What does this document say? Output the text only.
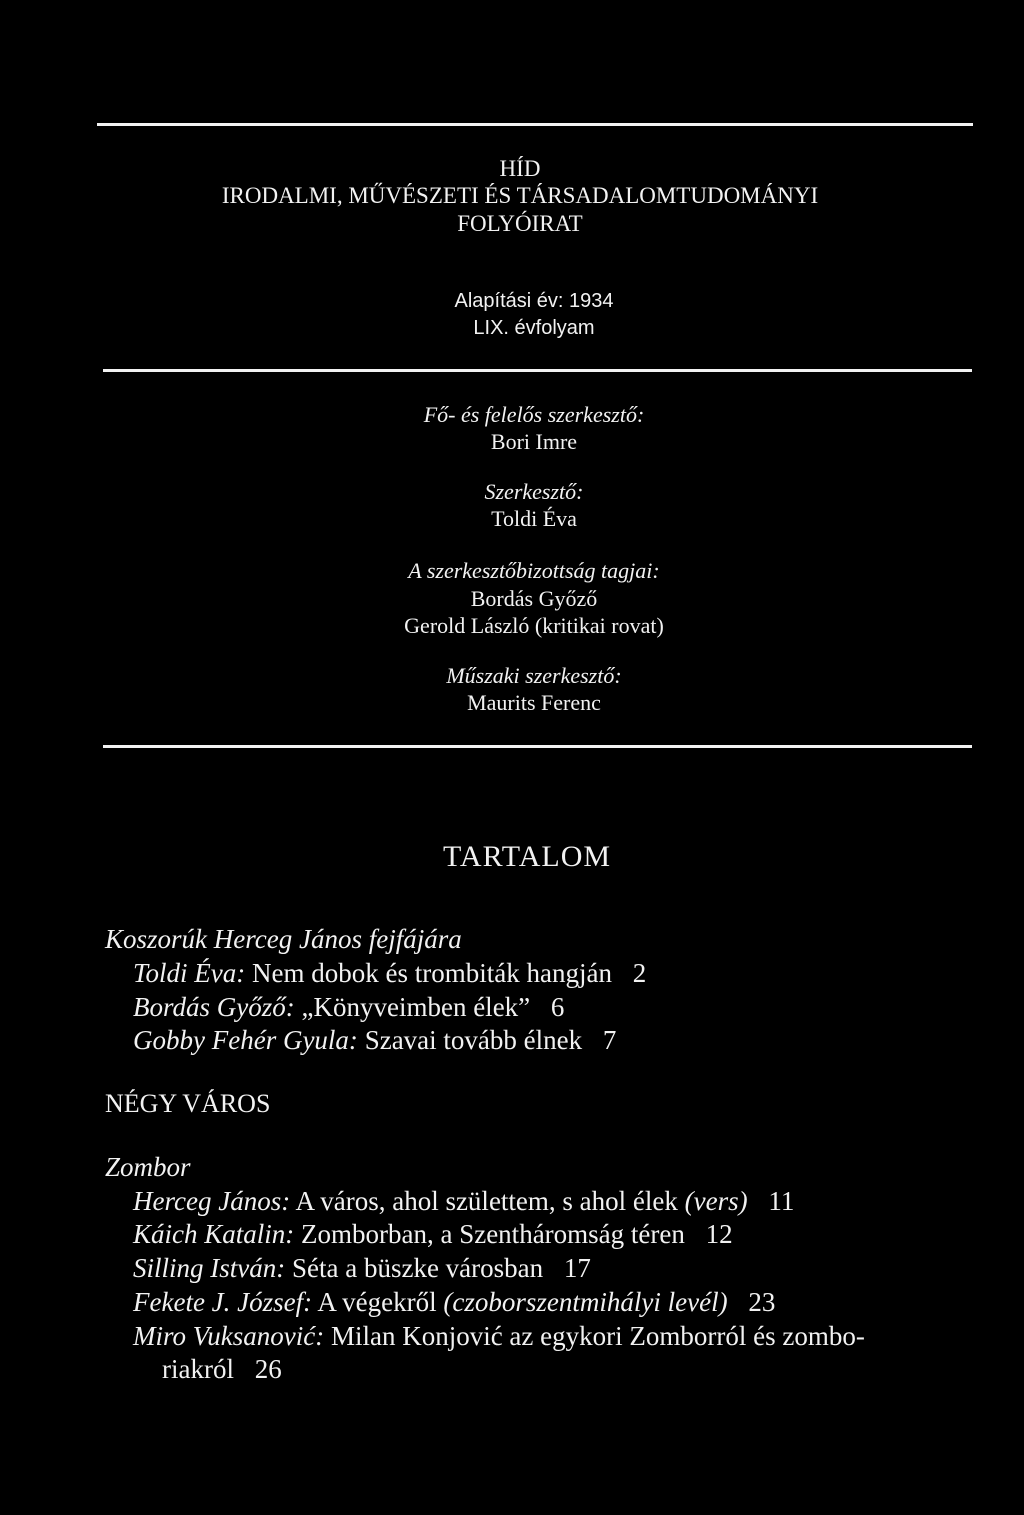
HÍD
IRODALMI, MŰVÉSZETI ÉS TÁRSADALOMTUDOMÁNYI
FOLYÓIRAT
Alapítási év: 1934
LIX. évfolyam
Fő- és felelős szerkesztő:
Bori Imre
Szerkesztő:
Toldi Éva
A szerkesztőbizottság tagjai:
Bordás Győző
Gerold László (kritikai rovat)
Műszaki szerkesztő:
Maurits Ferenc
TARTALOM
Koszorúk Herceg János fejfájára
Toldi Éva: Nem dobok és trombiták hangján 2
Bordás Győző: „Könyveimben élek” 6
Gobby Fehér Gyula: Szavai tovább élnek 7
NÉGY VÁROS
Zombor
Herceg János: A város, ahol születtem, s ahol élek (vers) 11
Káich Katalin: Zomborban, a Szentháromság téren 12
Silling István: Séta a büszke városban 17
Fekete J. József: A végekről (czoborszentmihályi levél) 23
Miro Vuksanović: Milan Konjović az egykori Zomborról és zombo-
riakról 26
